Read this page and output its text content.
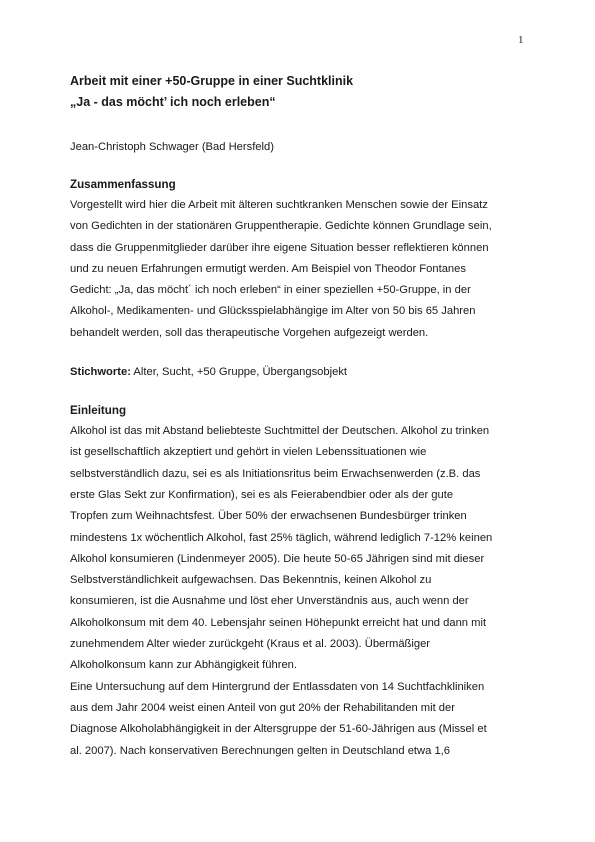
1

Arbeit mit einer +50-Gruppe in einer Suchtklinik

„Ja - das möcht’ ich noch erleben“

Jean-Christoph Schwager (Bad Hersfeld)
Zusammenfassung
Vorgestellt wird hier die Arbeit mit älteren suchtkranken Menschen sowie der Einsatz
von Gedichten in der stationären Gruppentherapie. Gedichte können Grundlage sein,
dass die Gruppenmitglieder darüber ihre eigene Situation besser reflektieren können
und zu neuen Erfahrungen ermutigt werden. Am Beispiel von Theodor Fontanes
Gedicht: „Ja, das möcht´ ich noch erleben“ in einer speziellen +50-Gruppe, in der
Alkohol-, Medikamenten- und Glücksspielabhängige im Alter von 50 bis 65 Jahren
behandelt werden, soll das therapeutische Vorgehen aufgezeigt werden.
Stichworte: Alter, Sucht, +50 Gruppe, Übergangsobjekt
Einleitung
Alkohol ist das mit Abstand beliebteste Suchtmittel der Deutschen. Alkohol zu trinken
ist gesellschaftlich akzeptiert und gehört in vielen Lebenssituationen wie
selbstverständlich dazu, sei es als Initiationsritus beim Erwachsenwerden (z.B. das
erste Glas Sekt zur Konfirmation), sei es als Feierabendbier oder als der gute
Tropfen zum Weihnachtsfest. Über 50% der erwachsenen Bundesbürger trinken
mindestens 1x wöchentlich Alkohol, fast 25% täglich, während lediglich 7-12% keinen
Alkohol konsumieren (Lindenmeyer 2005). Die heute 50-65 Jährigen sind mit dieser
Selbstverständlichkeit aufgewachsen. Das Bekenntnis, keinen Alkohol zu
konsumieren, ist die Ausnahme und löst eher Unverständnis aus, auch wenn der
Alkoholkonsum mit dem 40. Lebensjahr seinen Höhepunkt erreicht hat und dann mit
zunehmendem Alter wieder zurückgeht (Kraus et al. 2003). Übermäßiger
Alkoholkonsum kann zur Abhängigkeit führen.
Eine Untersuchung auf dem Hintergrund der Entlassdaten von 14 Suchtfachkliniken
aus dem Jahr 2004 weist einen Anteil von gut 20% der Rehabilitanden mit der
Diagnose Alkoholabhängigkeit in der Altersgruppe der 51-60-Jährigen aus (Missel et
al. 2007). Nach konservativen Berechnungen gelten in Deutschland etwa 1,6
